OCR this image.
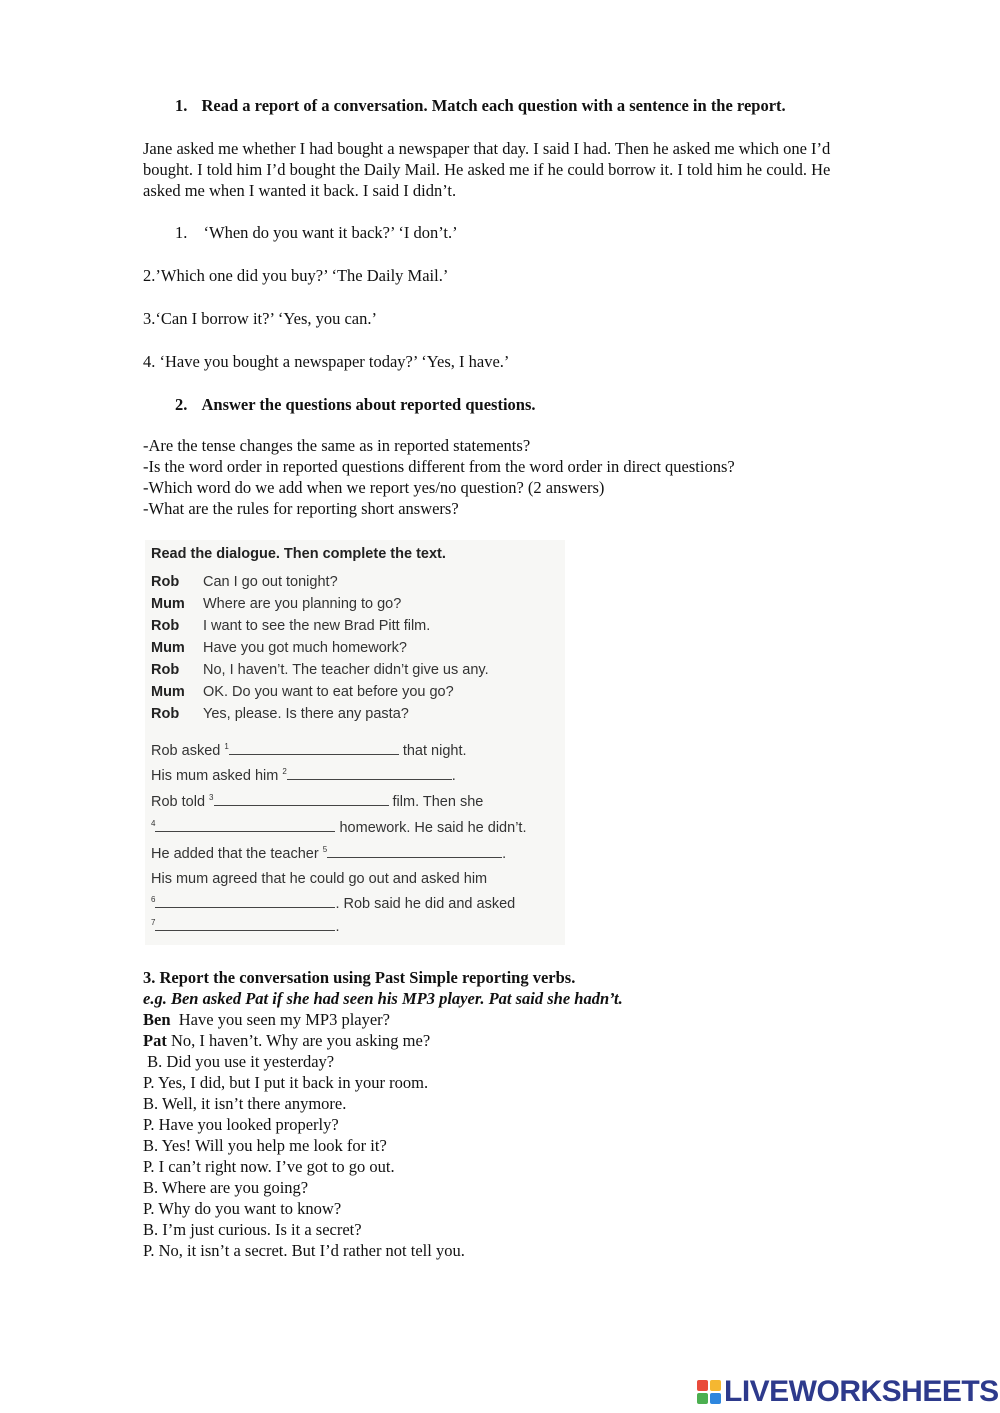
1. Read a report of a conversation. Match each question with a sentence in the report.
Jane asked me whether I had bought a newspaper that day. I said I had. Then he asked me which one I’d
bought. I told him I’d bought the Daily Mail. He asked me if he could borrow it. I told him he could. He
asked me when I wanted it back. I said I didn’t.
1. ‘When do you want it back?’ ‘I don’t.’
2.’Which one did you buy?’ ‘The Daily Mail.’
3.‘Can I borrow it?’ ‘Yes, you can.’
4. ‘Have you bought a newspaper today?’ ‘Yes, I have.’
2. Answer the questions about reported questions.
-Are the tense changes the same as in reported statements?
-Is the word order in reported questions different from the word order in direct questions?
-Which word do we add when we report yes/no question? (2 answers)
-What are the rules for reporting short answers?
Read the dialogue. Then complete the text.
Rob Can I go out tonight?
Mum Where are you planning to go?
Rob I want to see the new Brad Pitt film.
Mum Have you got much homework?
Rob No, I haven’t. The teacher didn’t give us any.
Mum OK. Do you want to eat before you go?
Rob Yes, please. Is there any pasta?
Rob asked $^1$	that night.
His mum asked him $^2$	.
Rob told $^3$	film. Then she
$^4$	homework. He said he didn’t.
He added that the teacher $^5$	.
His mum agreed that he could go out and asked him
$^6$	. Rob said he did and asked
$^7$	.
3. Report the conversation using Past Simple reporting verbs.
e.g. Ben asked Pat if she had seen his MP3 player. Pat said she hadn’t.
Ben  Have you seen my MP3 player?
Pat No, I haven’t. Why are you asking me?
B. Did you use it yesterday?
P. Yes, I did, but I put it back in your room.
B. Well, it isn’t there anymore.
P. Have you looked properly?
B. Yes! Will you help me look for it?
P. I can’t right now. I’ve got to go out.
B. Where are you going?
P. Why do you want to know?
B. I’m just curious. Is it a secret?
P. No, it isn’t a secret. But I’d rather not tell you.
LIVEWORKSHEETS
